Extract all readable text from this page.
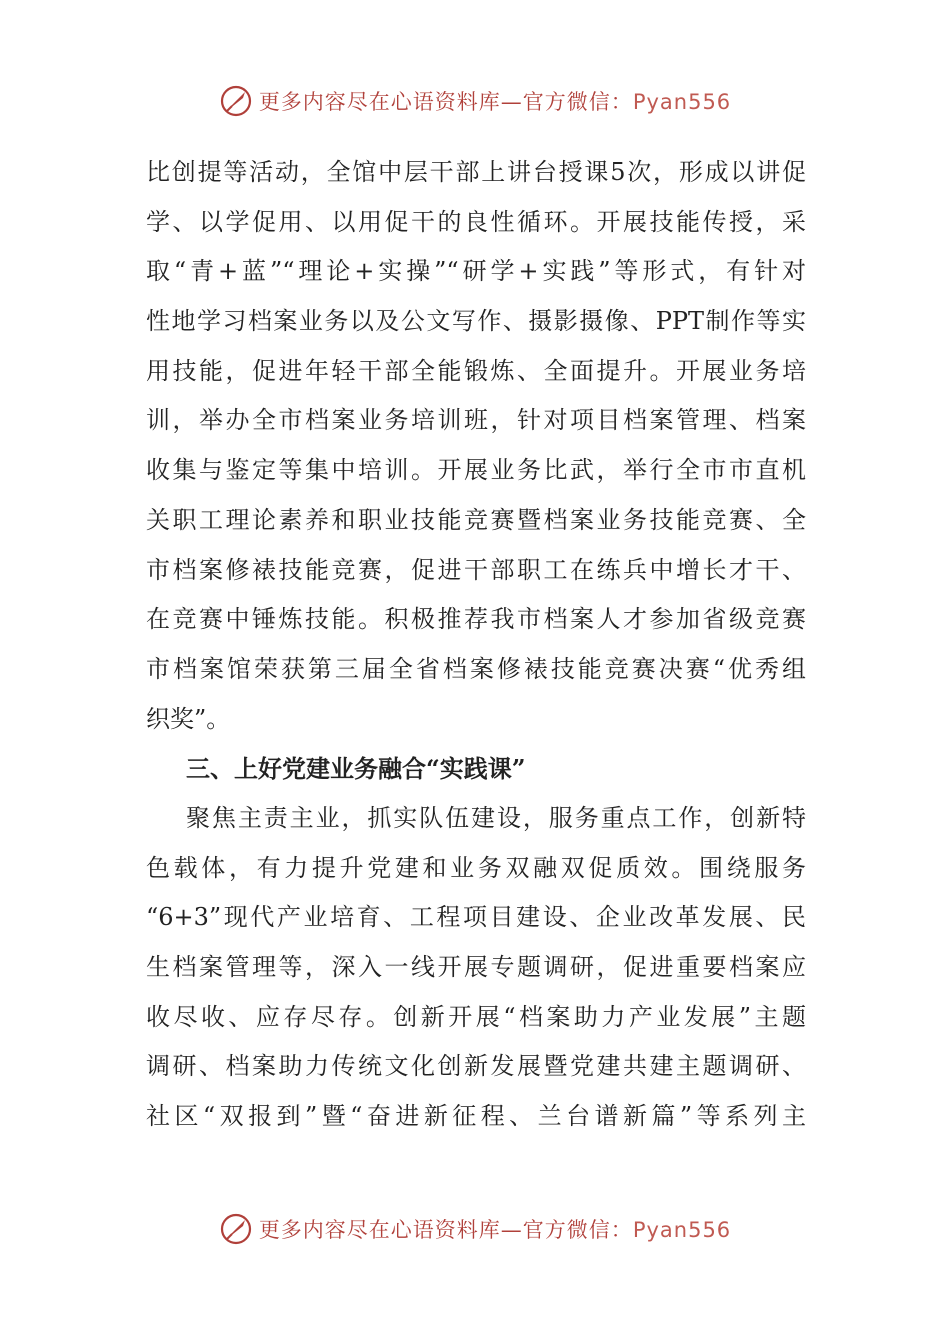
更多内容尽在心语资料库—官方微信：Pyan556
比创提等活动，全馆中层干部上讲台授课5次，形成以讲促
学、以学促用、以用促干的良性循环。开展技能传授，采
取“青+蓝”“理论+实操”“研学+实践”等形式，有针对
性地学习档案业务以及公文写作、摄影摄像、PPT制作等实
用技能，促进年轻干部全能锻炼、全面提升。开展业务培
训，举办全市档案业务培训班，针对项目档案管理、档案
收集与鉴定等集中培训。开展业务比武，举行全市市直机
关职工理论素养和职业技能竞赛暨档案业务技能竞赛、全
市档案修裱技能竞赛，促进干部职工在练兵中增长才干、
在竞赛中锤炼技能。积极推荐我市档案人才参加省级竞赛
市档案馆荣获第三届全省档案修裱技能竞赛决赛“优秀组
织奖”。
三、上好党建业务融合“实践课”
聚焦主责主业，抓实队伍建设，服务重点工作，创新特
色载体，有力提升党建和业务双融双促质效。围绕服务
“6+3”现代产业培育、工程项目建设、企业改革发展、民
生档案管理等，深入一线开展专题调研，促进重要档案应
收尽收、应存尽存。创新开展“档案助力产业发展”主题
调研、档案助力传统文化创新发展暨党建共建主题调研、
社区“双报到”暨“奋进新征程、兰台谱新篇”等系列主
更多内容尽在心语资料库—官方微信：Pyan556
